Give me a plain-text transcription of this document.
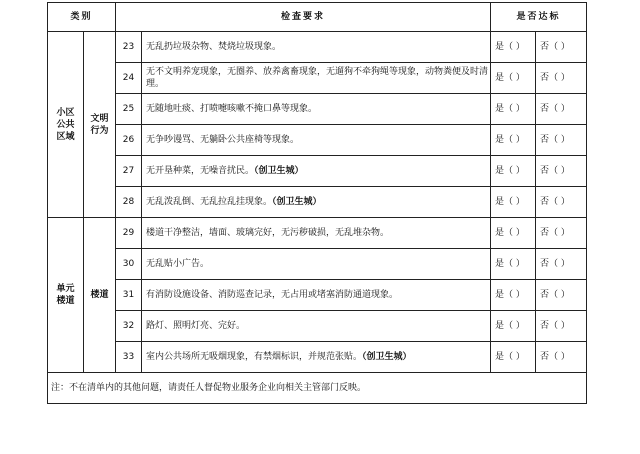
类别		检查要求		是否达标	
小区公共区域	文明行为	23	无乱扔垃圾杂物、焚烧垃圾现象。	是（ ）	否（ ）
		24	无不文明养宠现象，无圈养、放养禽畜现象，无遛狗不牵狗绳等现象，动物粪便及时清理。	是（ ）	否（ ）
		25	无随地吐痰、打喷嚏咳嗽不掩口鼻等现象。	是（ ）	否（ ）
		26	无争吵谩骂、无躺卧公共座椅等现象。	是（ ）	否（ ）
		27	无开垦种菜，无噪音扰民。（创卫生城）	是（ ）	否（ ）
		28	无乱泼乱倒、无乱拉乱挂现象。（创卫生城）	是（ ）	否（ ）
单元楼道	楼道	29	楼道干净整洁，墙面、玻璃完好，无污秽破损，无乱堆杂物。	是（ ）	否（ ）
		30	无乱贴小广告。	是（ ）	否（ ）
		31	有消防设施设备、消防巡查记录，无占用或堵塞消防通道现象。	是（ ）	否（ ）
		32	路灯、照明灯亮、完好。	是（ ）	否（ ）
		33	室内公共场所无吸烟现象，有禁烟标识，并规范张贴。（创卫生城）	是（ ）	否（ ）
注：不在清单内的其他问题，请责任人督促物业服务企业向相关主管部门反映。					
